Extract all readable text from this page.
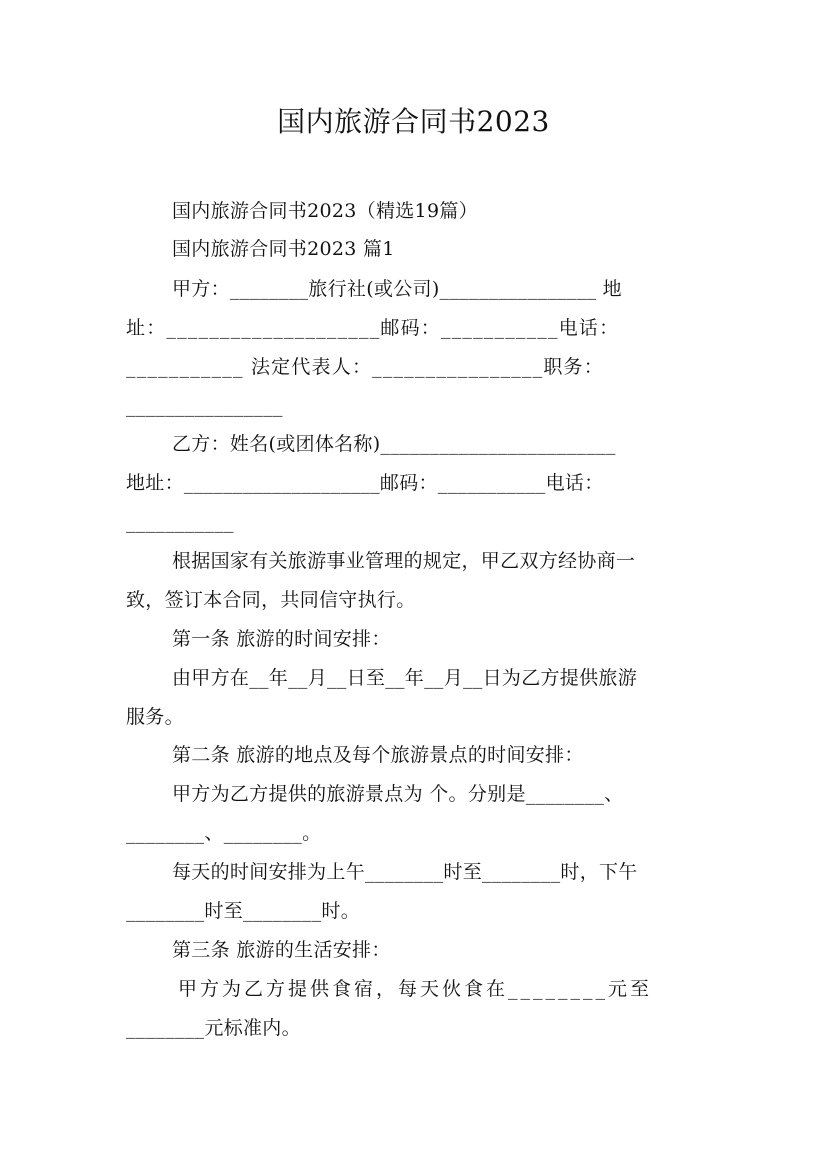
国内旅游合同书2023
国内旅游合同书2023（精选19篇）
国内旅游合同书2023 篇1
甲方：________旅行社(或公司)________________ 地
址：____________________邮码：___________电话：
___________ 法定代表人：________________职务：
________________
乙方：姓名(或团体名称)________________________
地址：____________________邮码：___________电话：
___________
根据国家有关旅游事业管理的规定，甲乙双方经协商一
致，签订本合同，共同信守执行。
第一条 旅游的时间安排：
由甲方在__年__月__日至__年__月__日为乙方提供旅游
服务。
第二条 旅游的地点及每个旅游景点的时间安排：
甲方为乙方提供的旅游景点为 个。分别是________、
________、________。
每天的时间安排为上午________时至________时，下午
________时至________时。
第三条 旅游的生活安排：
甲方为乙方提供食宿，每天伙食在________元至
________元标准内。
